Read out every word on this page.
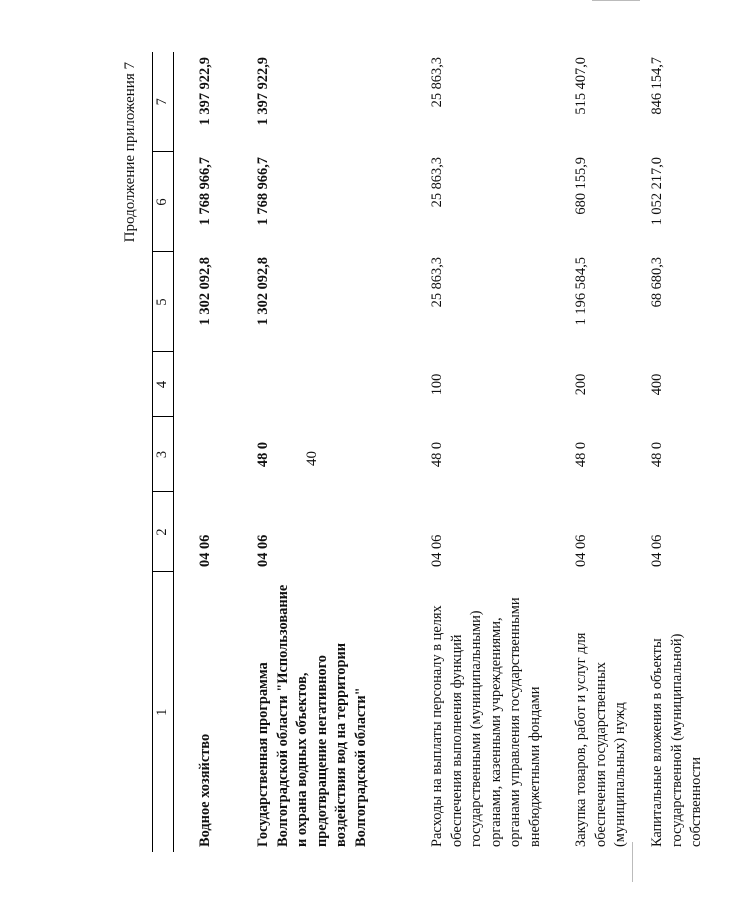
40
Продолжение приложения 7
1	2	3	4	5	6	7
Водное хозяйство	04 06			1 302 092,8	1 768 966,7	1 397 922,9
Государственная программа Волгоградской области "Использование и охрана водных объектов, предотвращение негативного воздействия вод на территории Волгоградской области"	04 06	48 0		1 302 092,8	1 768 966,7	1 397 922,9
Расходы на выплаты персоналу в целях обеспечения выполнения функций государственными (муниципальными) органами, казенными учреждениями, органами управления государственными внебюджетными фондами	04 06	48 0	100	25 863,3	25 863,3	25 863,3
Закупка товаров, работ и услуг для обеспечения государственных (муниципальных) нужд	04 06	48 0	200	1 196 584,5	680 155,9	515 407,0
Капитальные вложения в объекты государственной (муниципальной) собственности	04 06	48 0	400	68 680,3	1 052 217,0	846 154,7
